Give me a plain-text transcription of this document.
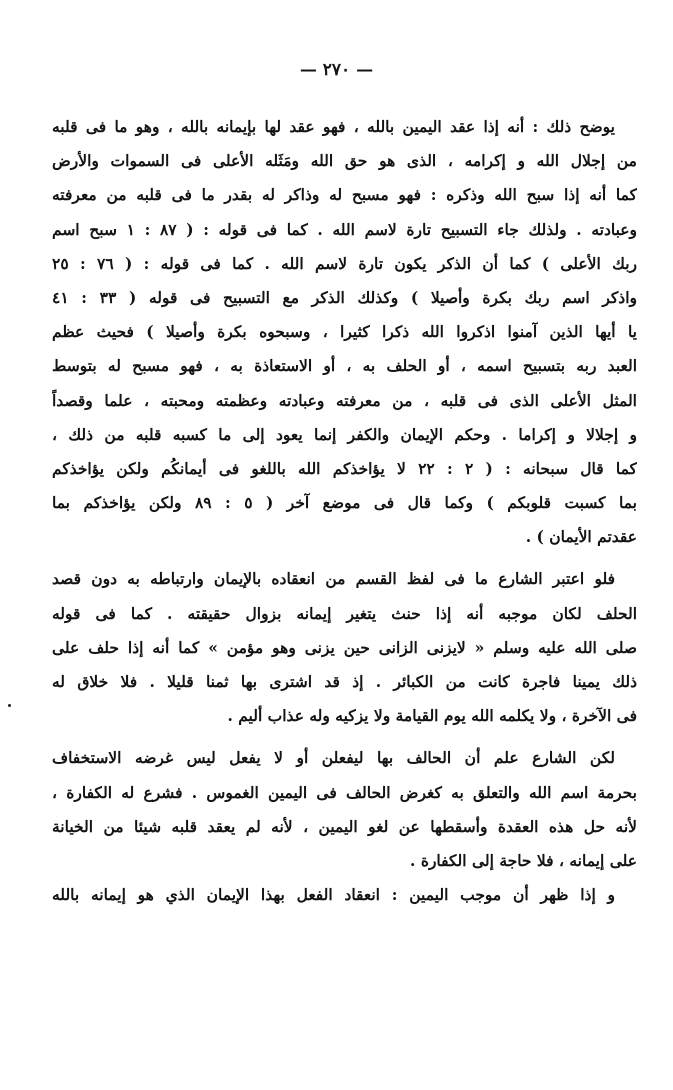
— ٢٧٠ —
يوضح ذلك : أنه إذا عقد اليمين بالله ، فهو عقد لها بإيمانه بالله ، وهو ما فى قلبه
من إجلال الله و إكرامه ، الذى هو حق الله ومَثَله الأعلى فى السموات والأرض
كما أنه إذا سبح الله وذكره : فهو مسبح له وذاكر له بقدر ما فى قلبه من معرفته
وعبادته . ولذلك جاء التسبيح تارة لاسم الله . كما فى قوله : ( ٨٧ : ١ سبح اسم
ربك الأعلى ) كما أن الذكر يكون تارة لاسم الله . كما فى قوله : ( ٧٦ : ٢٥
واذكر اسم ربك بكرة وأصيلا ) وكذلك الذكر مع التسبيح فى قوله ( ٣٣ : ٤١
يا أيها الذين آمنوا اذكروا الله ذكرا كثيرا ، وسبحوه بكرة وأصيلا ) فحيث عظم
العبد ربه بتسبيح اسمه ، أو الحلف به ، أو الاستعاذة به ، فهو مسبح له بتوسط
المثل الأعلى الذى فى قلبه ، من معرفته وعبادته وعظمته ومحبته ، علما وقصداً
و إجلالا و إكراما . وحكم الإيمان والكفر إنما يعود إلى ما كسبه قلبه من ذلك ،
كما قال سبحانه : ( ٢ : ٢٢ لا يؤاخذكم الله باللغو فى أيمانكُم ولكن يؤاخذكم
بما كسبت قلوبكم ) وكما قال فى موضع آخر ( ٥ : ٨٩ ولكن يؤاخذكم بما
عقدتم الأيمان ) .
فلو اعتبر الشارع ما فى لفظ القسم من انعقاده بالإيمان وارتباطه به دون قصد
الحلف لكان موجبه أنه إذا حنث يتغير إيمانه بزوال حقيقته . كما فى قوله
صلى الله عليه وسلم « لايزنى الزانى حين يزنى وهو مؤمن » كما أنه إذا حلف على
ذلك يمينا فاجرة كانت من الكبائر . إذ قد اشترى بها ثمنا قليلا . فلا خلاق له
فى الآخرة ، ولا يكلمه الله يوم القيامة ولا يزكيه وله عذاب أليم .
لكن الشارع علم أن الحالف بها ليفعلن أو لا يفعل ليس غرضه الاستخفاف
بحرمة اسم الله والتعلق به كغرض الحالف فى اليمين الغموس . فشرع له الكفارة ،
لأنه حل هذه العقدة وأسقطها عن لغو اليمين ، لأنه لم يعقد قلبه شيئا من الخيانة
على إيمانه ، فلا حاجة إلى الكفارة .
و إذا ظهر أن موجب اليمين : انعقاد الفعل بهذا الإيمان الذي هو إيمانه بالله
